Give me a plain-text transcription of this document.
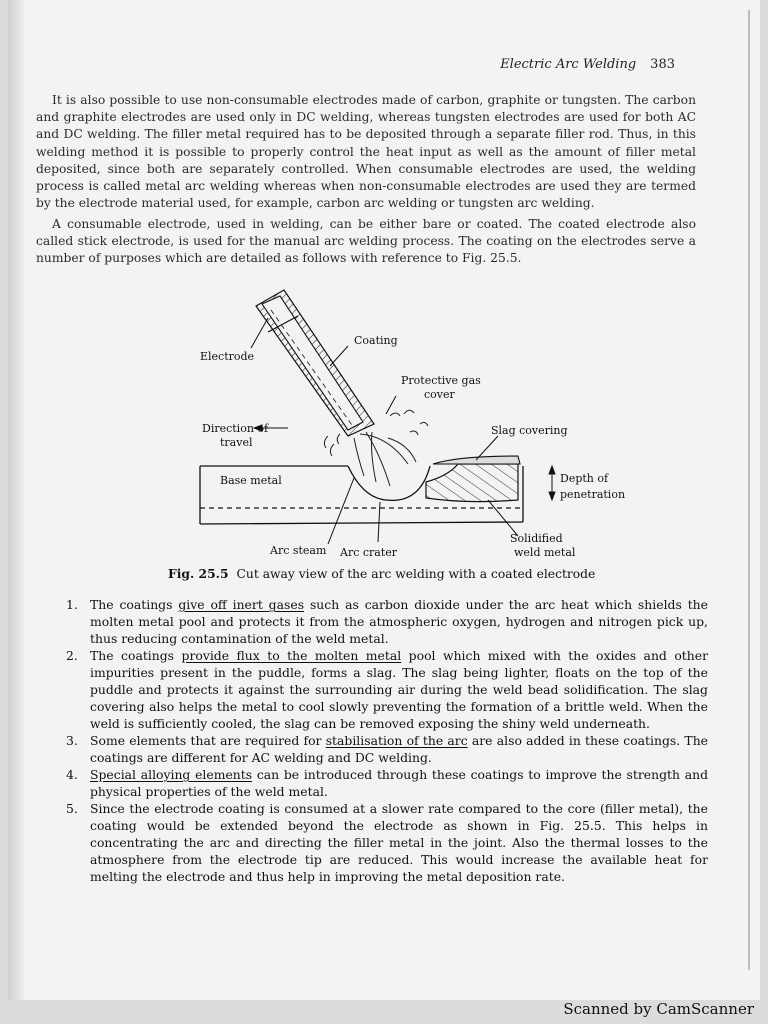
Electric Arc Welding 383

It is also possible to use non-consumable electrodes made of carbon, graphite or tungsten. The carbon and graphite electrodes are used only in DC welding, whereas tungsten electrodes are used for both AC and DC welding. The filler metal required has to be deposited through a separate filler rod. Thus, in this welding method it is possible to properly control the heat input as well as the amount of filler metal deposited, since both are separately controlled. When consumable electrodes are used, the welding process is called metal arc welding whereas when non-consumable electrodes are used they are termed by the electrode material used, for example, carbon arc welding or tungsten arc welding.

A consumable electrode, used in welding, can be either bare or coated. The coated electrode also called stick electrode, is used for the manual arc welding process. The coating on the electrodes serve a number of purposes which are detailed as follows with reference to Fig. 25.5.

Electrode
Coating
Protective gas
cover
Direction of
travel
Slag covering
Base metal	Depth of
penetration
Solidified
weld metal
Arc steam Arc crater
Fig. 25.5 Cut away view of the arc welding with a coated electrode
1. The coatings give off inert gases such as carbon dioxide under the arc heat which shields the molten metal pool and protects it from the atmospheric oxygen, hydrogen and nitrogen pick up, thus reducing contamination of the weld metal.
2. The coatings provide flux to the molten metal pool which mixed with the oxides and other impurities present in the puddle, forms a slag. The slag being lighter, floats on the top of the puddle and protects it against the surrounding air during the weld bead solidification. The slag covering also helps the metal to cool slowly preventing the formation of a brittle weld. When the weld is sufficiently cooled, the slag can be removed exposing the shiny weld underneath.
3. Some elements that are required for stabilisation of the arc are also added in these coatings. The coatings are different for AC welding and DC welding.
4. Special alloying elements can be introduced through these coatings to improve the strength and physical properties of the weld metal.
5. Since the electrode coating is consumed at a slower rate compared to the core (filler metal), the coating would be extended beyond the electrode as shown in Fig. 25.5. This helps in concentrating the arc and directing the filler metal in the joint. Also the thermal losses to the atmosphere from the electrode tip are reduced. This would increase the available heat for melting the electrode and thus help in improving the metal deposition rate.
Scanned by CamScanner
